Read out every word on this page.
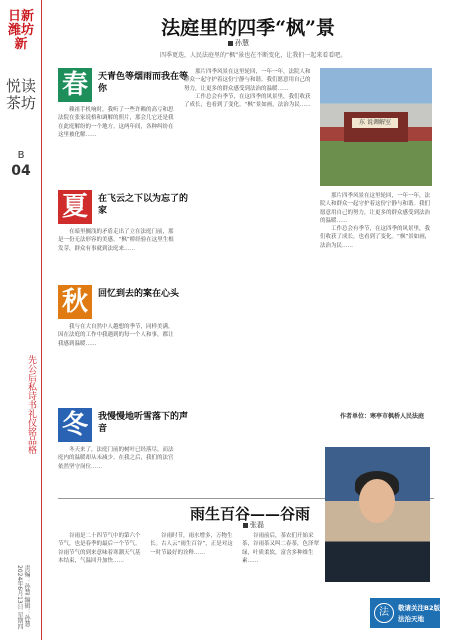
日新潍坊新
悦读茶坊
B
04
先公后私诗书礼仪铭品格
责编：孙慧 编辑：孙慧 2024年6月13日 星期四
法庭里的四季“枫”景
孙慧
四季更迭，人民法庭里的“枫”景也在不断变化，让我们一起来看看吧。
春	天青色等烟雨而我在等你

赖祖手机响时，我听了一些许赖的高亏和思法院在张家说格和调解的照片，那会儿它还是我在此庭解纷的一个地方。这两年间，各种纠纷在这里被化解……

夏	在飞云之下以为忘了的家

在暗里搁浅的矛盾走出了立在法庭门前，那是一份无法形容的美感。“枫”桥经验在这里生根发芽，群众有事就到法庭来……

秋	回忆到去的案在心头

我与在大自然中人越想的季节，同样美满，因在法庭的工作中我遇到的每一个人和事，都让我感到温暖……

冬	我慢慢地听雪落下的声音

冬天来了，法庭门前的树叶已经落尽，而法庭内的温暖却从未减少。在我之后，我们的法官依然坚守岗位……

那片四季风景在这里轮回，一年一年，法院人和群众一起守护着这份宁静与和谐。我们愿意用自己的努力，让更多的群众感受到法治的温暖……

工作总会有季节，在这四季的风景里，我们收获了成长，也看到了变化。“枫”景如画，法治为民……

东 说调解室

那片四季风景在这里轮回，一年一年，法院人和群众一起守护着这份宁静与和谐。我们愿意用自己的努力，让更多的群众感受到法治的温暖……

工作总会有季节，在这四季的风景里，我们收获了成长，也看到了变化。“枫”景如画，法治为民……

作者单位：寒亭市枫桥人民法庭
雨生百谷——谷雨
张磊

谷雨是二十四节气中的第六个节气，也是春季的最后一个节气。谷雨节气的到来意味着寒潮天气基本结束，气温回升加快……

谷雨时节，雨水增多，万物生长。古人云“雨生百谷”，正是对这一时节最好的诠释……

谷雨前后，茶农们开始采茶，谷雨茶又叫二春茶，色泽翠绿，叶质柔软，富含多种维生素……

法	敬请关注B2版
法治天地
